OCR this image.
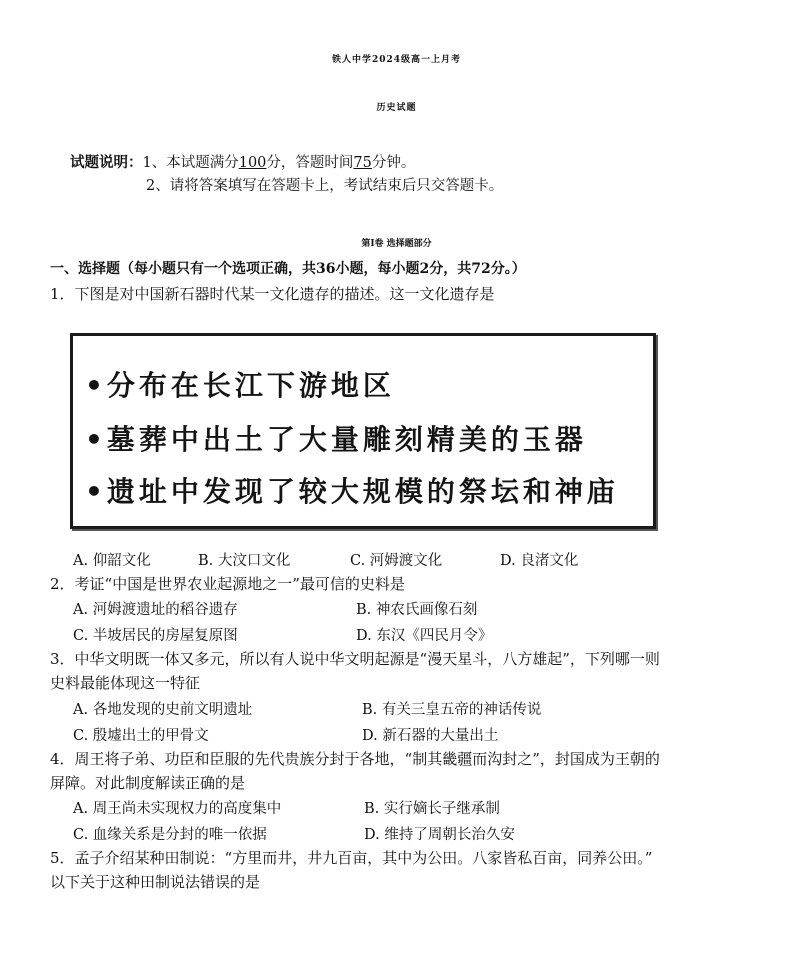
铁人中学2024级高一上月考
历史试题
试题说明：1、本试题满分100分，答题时间75分钟。
2、请将答案填写在答题卡上，考试结束后只交答题卡。
第Ⅰ卷 选择题部分
一、选择题（每小题只有一个选项正确，共36小题，每小题2分，共72分。）
1．下图是对中国新石器时代某一文化遗存的描述。这一文化遗存是
•分布在长江下游地区
•墓葬中出土了大量雕刻精美的玉器
•遗址中发现了较大规模的祭坛和神庙
A. 仰韶文化	B. 大汶口文化	C. 河姆渡文化	D. 良渚文化
2．考证“中国是世界农业起源地之一”最可信的史料是
A. 河姆渡遗址的稻谷遗存	B. 神农氏画像石刻
C. 半坡居民的房屋复原图	D. 东汉《四民月令》
3．中华文明既一体又多元，所以有人说中华文明起源是“漫天星斗，八方雄起”，下列哪一则
史料最能体现这一特征
A. 各地发现的史前文明遗址	B. 有关三皇五帝的神话传说
C. 殷墟出土的甲骨文	D. 新石器的大量出土
4．周王将子弟、功臣和臣服的先代贵族分封于各地，“制其畿疆而沟封之”，封国成为王朝的
屏障。对此制度解读正确的是
A. 周王尚未实现权力的高度集中	B. 实行嫡长子继承制
C. 血缘关系是分封的唯一依据	D. 维持了周朝长治久安
5．孟子介绍某种田制说：“方里而井，井九百亩，其中为公田。八家皆私百亩，同养公田。”
以下关于这种田制说法错误的是
